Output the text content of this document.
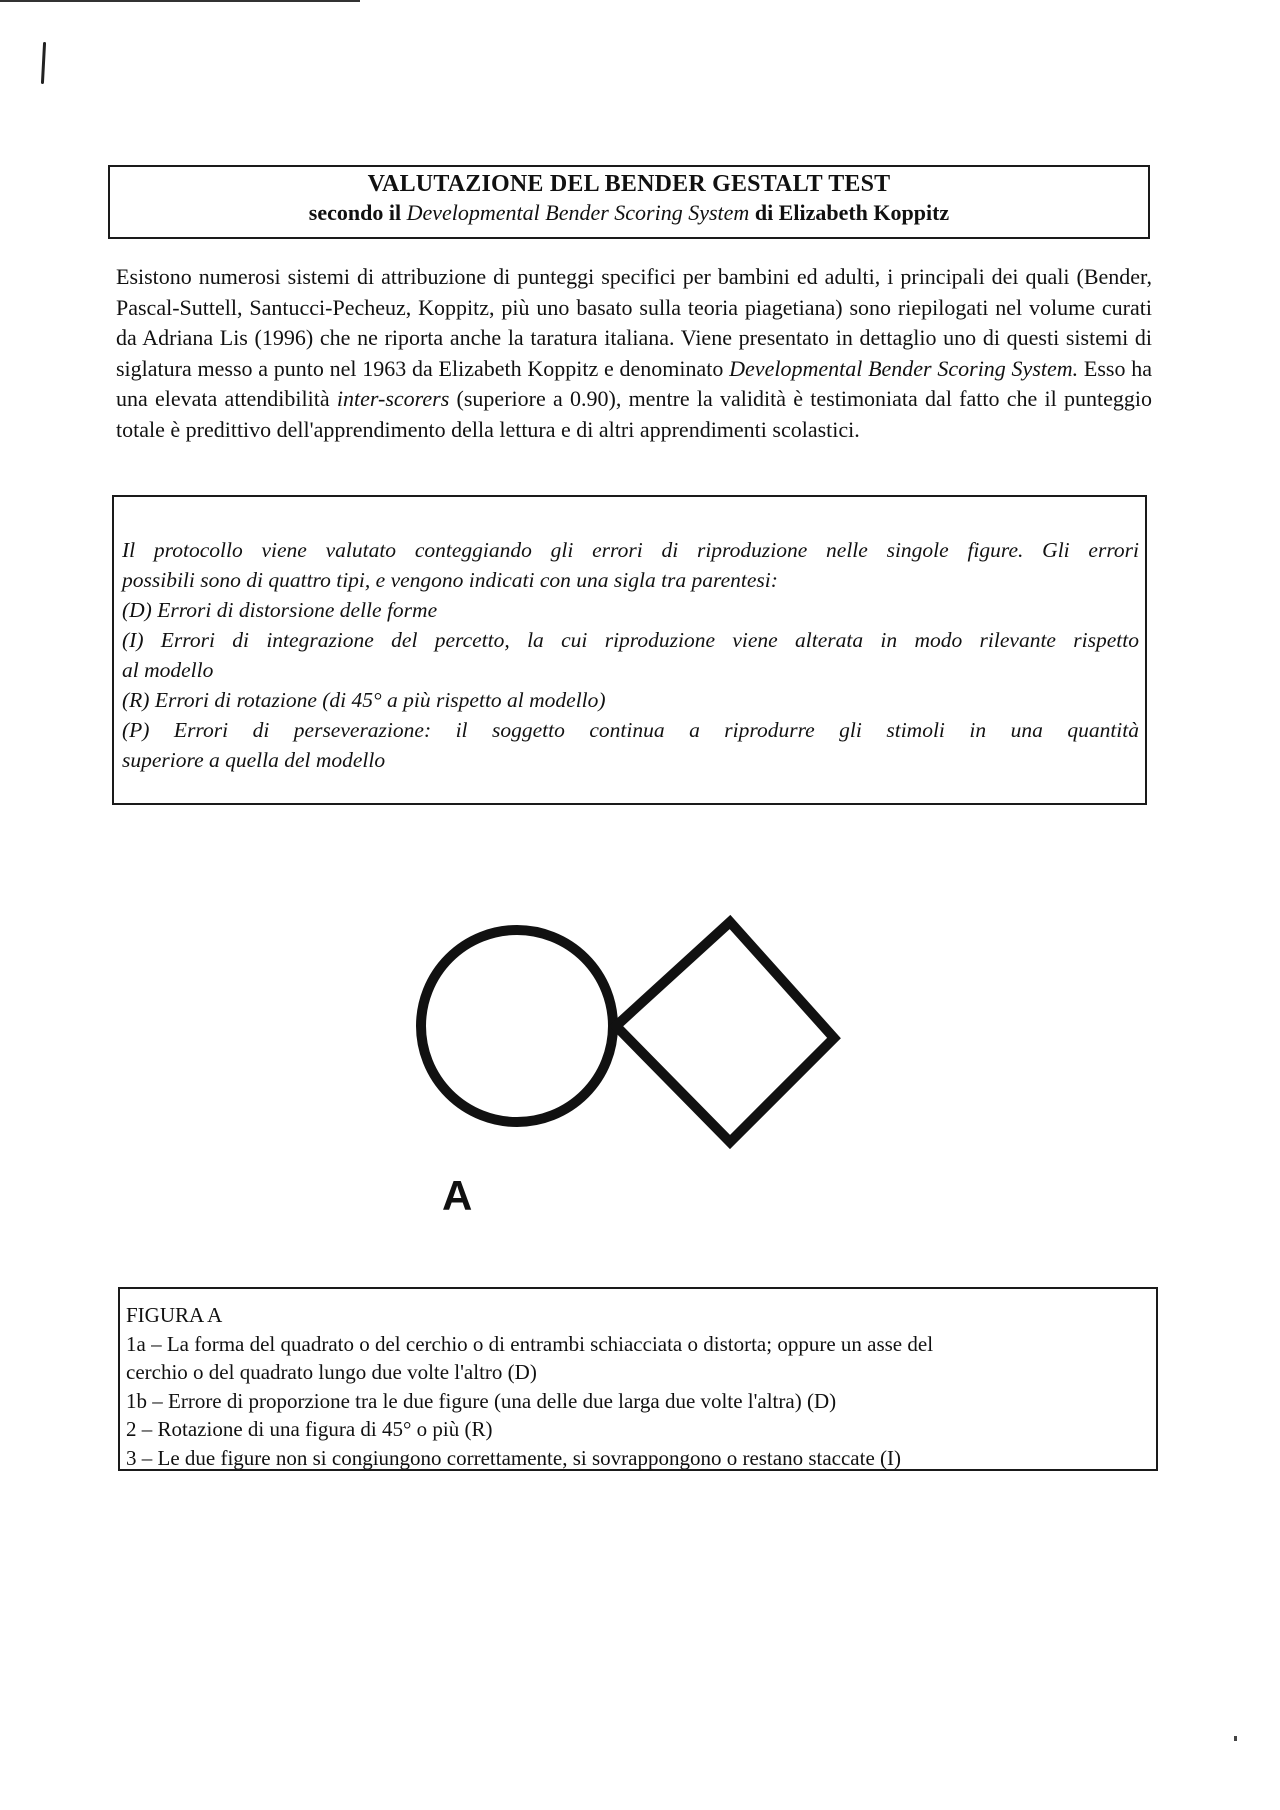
VALUTAZIONE DEL BENDER GESTALT TEST
secondo il Developmental Bender Scoring System di Elizabeth Koppitz

Esistono numerosi sistemi di attribuzione di punteggi specifici per bambini ed adulti, i principali dei quali (Bender, Pascal-Suttell, Santucci-Pecheuz, Koppitz, più uno basato sulla teoria piagetiana) sono riepilogati nel volume curati da Adriana Lis (1996) che ne riporta anche la taratura italiana. Viene presentato in dettaglio uno di questi sistemi di siglatura messo a punto nel 1963 da Elizabeth Koppitz e denominato Developmental Bender Scoring System. Esso ha una elevata attendibilità inter-scorers (superiore a 0.90), mentre la validità è testimoniata dal fatto che il punteggio totale è predittivo dell'apprendimento della lettura e di altri apprendimenti scolastici.

Il protocollo viene valutato conteggiando gli errori di riproduzione nelle singole figure. Gli errori
possibili sono di quattro tipi, e vengono indicati con una sigla tra parentesi:
(D) Errori di distorsione delle forme
(I) Errori di integrazione del percetto, la cui riproduzione viene alterata in modo rilevante rispetto
al modello
(R) Errori di rotazione (di 45° a più rispetto al modello)
(P) Errori di perseverazione: il soggetto continua a riprodurre gli stimoli in una quantità
superiore a quella del modello
A
FIGURA A
1a – La forma del quadrato o del cerchio o di entrambi schiacciata o distorta; oppure un asse del
cerchio o del quadrato lungo due volte l'altro (D)
1b – Errore di proporzione tra le due figure (una delle due larga due volte l'altra) (D)
2 – Rotazione di una figura di 45° o più (R)
3 – Le due figure non si congiungono correttamente, si sovrappongono o restano staccate (I)
